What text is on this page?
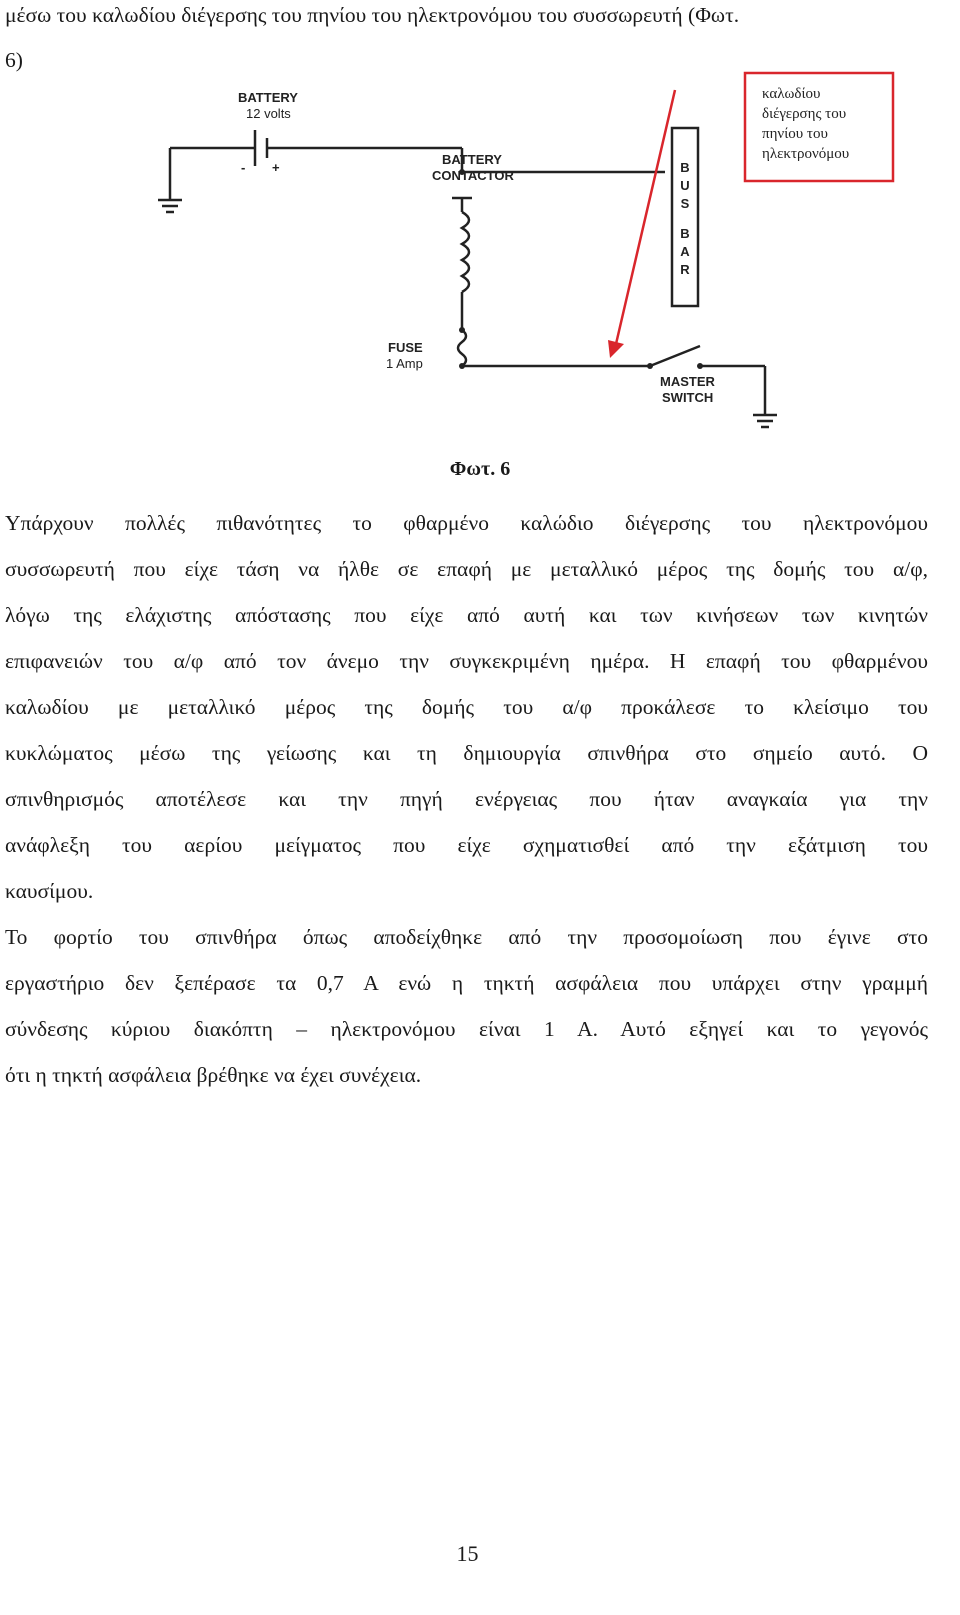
μέσω του καλωδίου διέγερσης του πηνίου του ηλεκτρονόμου του συσσωρευτή (Φωτ.
6)
BATTERY
12 volts
- +
BATTERY
CONTACTOR
B
U
S
B
A
R
FUSE
1 Amp
MASTER
SWITCH
καλωδίου
διέγερσης του
πηνίου του
ηλεκτρονόμου
Φωτ. 6
Υπάρχουν πολλές πιθανότητες το φθαρμένο καλώδιο διέγερσης του ηλεκτρονόμου
συσσωρευτή που είχε τάση να ήλθε σε επαφή με μεταλλικό μέρος της δομής του α/φ,
λόγω της ελάχιστης απόστασης που είχε από αυτή και των κινήσεων των κινητών
επιφανειών του α/φ από τον άνεμο την συγκεκριμένη ημέρα. Η επαφή του φθαρμένου
καλωδίου με μεταλλικό μέρος της δομής του α/φ προκάλεσε το κλείσιμο του
κυκλώματος μέσω της γείωσης και τη δημιουργία σπινθήρα στο σημείο αυτό. Ο
σπινθηρισμός αποτέλεσε και την πηγή ενέργειας που ήταν αναγκαία για την
ανάφλεξη του αερίου μείγματος που είχε σχηματισθεί από την εξάτμιση του
καυσίμου.
Το φορτίο του σπινθήρα όπως αποδείχθηκε από την προσομοίωση που έγινε στο
εργαστήριο δεν ξεπέρασε τα 0,7 Α ενώ η τηκτή ασφάλεια που υπάρχει στην γραμμή
σύνδεσης κύριου διακόπτη – ηλεκτρονόμου είναι 1 Α. Αυτό εξηγεί και το γεγονός
ότι η τηκτή ασφάλεια βρέθηκε να έχει συνέχεια.
15
